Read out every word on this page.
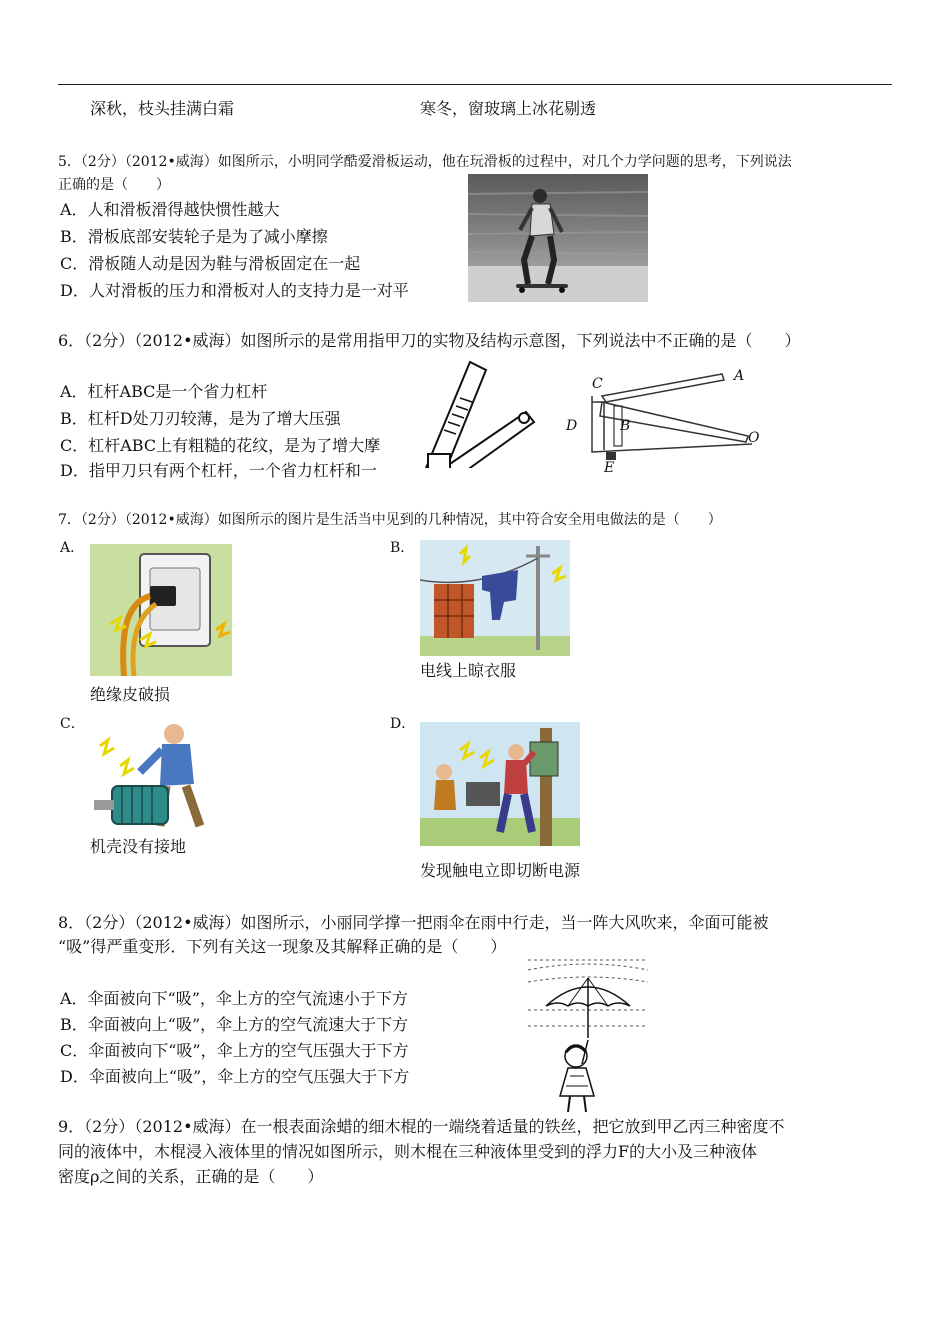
深秋，枝头挂满白霜	寒冬，窗玻璃上冰花剔透
5．（2分）（2012•威海）如图所示，小明同学酷爱滑板运动，他在玩滑板的过程中，对几个力学问题的思考，下列说法
正确的是（　　）
A．人和滑板滑得越快惯性越大
B．滑板底部安装轮子是为了减小摩擦
C．滑板随人动是因为鞋与滑板固定在一起
D．人对滑板的压力和滑板对人的支持力是一对平
6．（2分）（2012•威海）如图所示的是常用指甲刀的实物及结构示意图，下列说法中不正确的是（　　）
A．杠杆ABC是一个省力杠杆
B．杠杆D处刀刃较薄，是为了增大压强
C．杠杆ABC上有粗糙的花纹，是为了增大摩
D．指甲刀只有两个杠杆，一个省力杠杆和一
C	A
D	B
O
E
7．（2分）（2012•威海）如图所示的图片是生活当中见到的几种情况，其中符合安全用电做法的是（　　）
A．	B．
绝缘皮破损
电线上晾衣服
C．	D．
机壳没有接地
发现触电立即切断电源
8．（2分）（2012•威海）如图所示，小丽同学撑一把雨伞在雨中行走，当一阵大风吹来，伞面可能被
“吸”得严重变形．下列有关这一现象及其解释正确的是（　　）
A．伞面被向下“吸”，伞上方的空气流速小于下方
B．伞面被向上“吸”，伞上方的空气流速大于下方
C．伞面被向下“吸”，伞上方的空气压强大于下方
D．伞面被向上“吸”，伞上方的空气压强大于下方
9．（2分）（2012•威海）在一根表面涂蜡的细木棍的一端绕着适量的铁丝，把它放到甲乙丙三种密度不
同的液体中，木棍浸入液体里的情况如图所示，则木棍在三种液体里受到的浮力F的大小及三种液体
密度ρ之间的关系，正确的是（　　）
